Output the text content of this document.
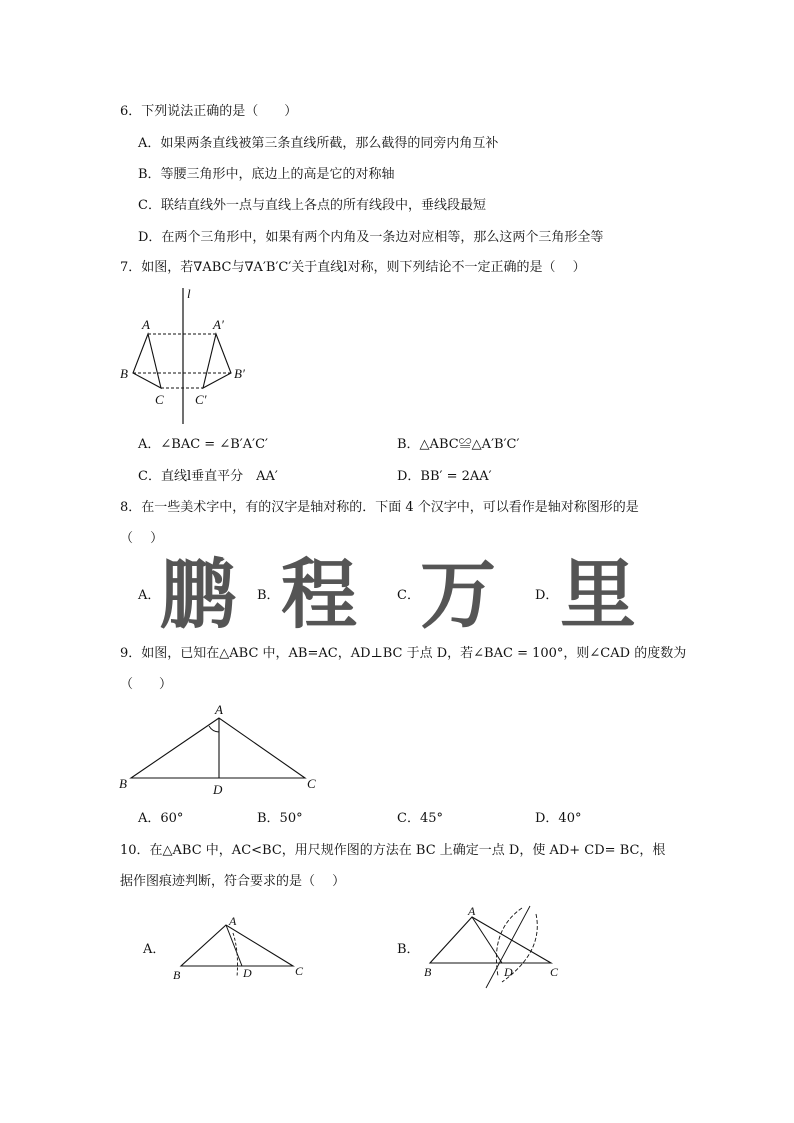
6．下列说法正确的是（　　）
A．如果两条直线被第三条直线所截，那么截得的同旁内角互补
B．等腰三角形中，底边上的高是它的对称轴
C．联结直线外一点与直线上各点的所有线段中，垂线段最短
D．在两个三角形中，如果有两个内角及一条边对应相等，那么这两个三角形全等
7．如图，若∇ABC与∇A′B′C′关于直线l对称，则下列结论不一定正确的是（　 ）
l
A	A′
B	B′
C C′
A．∠BAC = ∠B′A′C′	B．△ABC≌△A′B′C′
C．直线l垂直平分　AA′	D．BB′ = 2AA′
8．在一些美术字中，有的汉字是轴对称的．下面 4 个汉字中，可以看作是轴对称图形的是
（　 ）
A． 鹏 B． 程	C． 万	D． 里
9．如图，已知在△ABC 中，AB=AC，AD⊥BC 于点 D，若∠BAC = 100°，则∠CAD 的度数为
（　　）
A
B	C
D
A．60°	B．50°	C．45°	D．40°
10．在△ABC 中，AC<BC，用尺规作图的方法在 BC 上确定一点 D，使 AD+ CD= BC，根
据作图痕迹判断，符合要求的是（　 ）
A．
A
B	C
D
B．
A
B	C
D
